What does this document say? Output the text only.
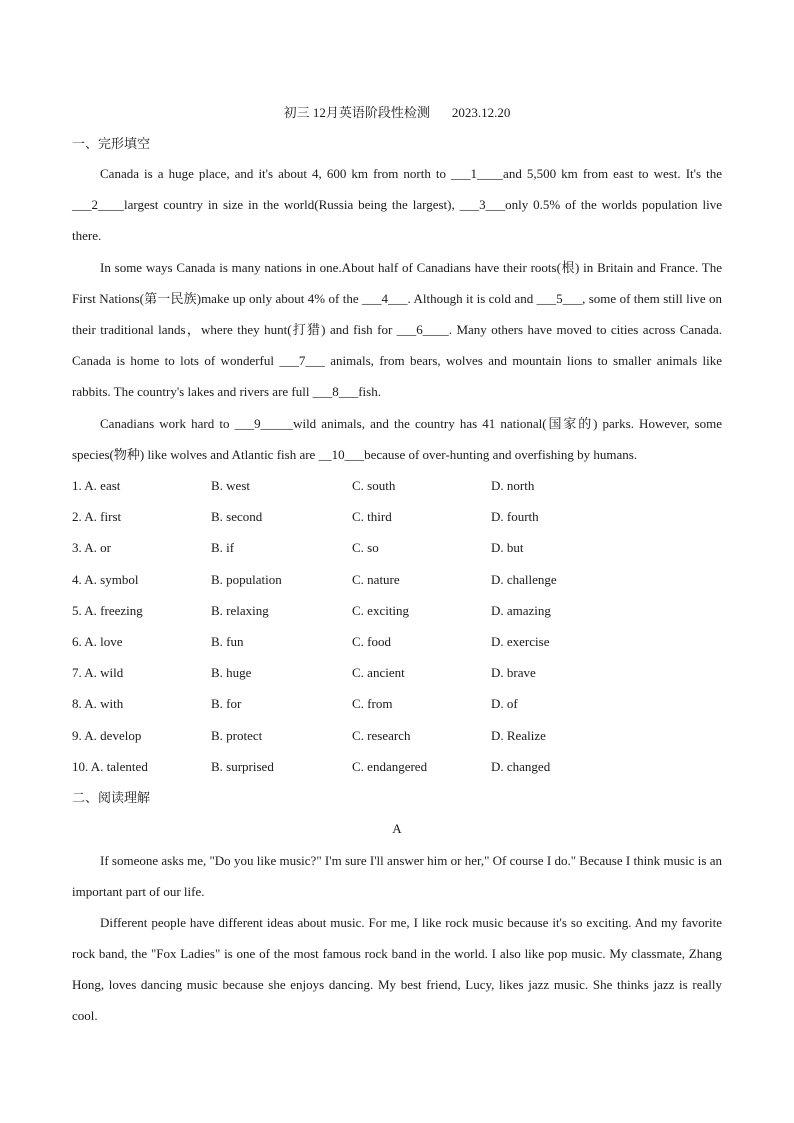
初三 12月英语阶段性检测 2023.12.20
一、完形填空
Canada is a huge place, and it's about 4, 600 km from north to ___1____and 5,500 km from east to west. It's the ___2____largest country in size in the world(Russia being the largest), ___3___only 0.5% of the worlds population live there.
In some ways Canada is many nations in one.About half of Canadians have their roots(根) in Britain and France. The First Nations(第一民族)make up only about 4% of the ___4___. Although it is cold and ___5___, some of them still live on their traditional lands，where they hunt(打猎) and fish for ___6____. Many others have moved to cities across Canada. Canada is home to lots of wonderful ___7___ animals, from bears, wolves and mountain lions to smaller animals like rabbits. The country's lakes and rivers are full ___8___fish.
Canadians work hard to ___9_____wild animals, and the country has 41 national(国家的) parks. However, some species(物种) like wolves and Atlantic fish are __10___because of over-hunting and overfishing by humans.
1. A. east	B. west	C. south	D. north
2. A. first	B. second	C. third	D. fourth
3. A. or	B. if	C. so	D. but
4. A. symbol	B. population	C. nature	D. challenge
5. A. freezing	B. relaxing	C. exciting	D. amazing
6. A. love	B. fun	C. food	D. exercise
7. A. wild	B. huge	C. ancient	D. brave
8. A. with	B. for	C. from	D. of
9. A. develop	B. protect	C. research	D. Realize
10. A. talented	B. surprised	C. endangered	D. changed
二、阅读理解
A
If someone asks me, "Do you like music?" I'm sure I'll answer him or her," Of course I do." Because I think music is an important part of our life.
Different people have different ideas about music. For me, I like rock music because it's so exciting. And my favorite rock band, the "Fox Ladies" is one of the most famous rock band in the world. I also like pop music. My classmate, Zhang Hong, loves dancing music because she enjoys dancing. My best friend, Lucy, likes jazz music. She thinks jazz is really cool.
